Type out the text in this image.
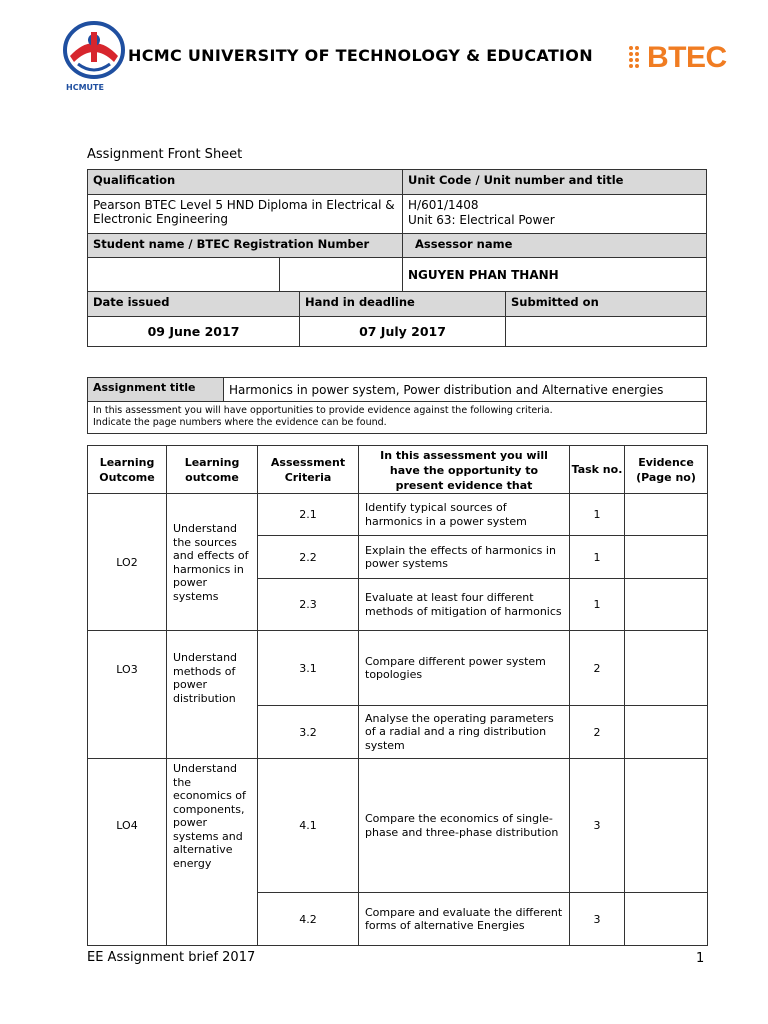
HCMUTE
HCMC UNIVERSITY OF TECHNOLOGY & EDUCATION BTEC
Assignment Front Sheet
Qualification			Unit Code / Unit number and title	
Pearson BTEC Level 5 HND Diploma in Electrical & Electronic Engineering			H/601/1408
Unit 63: Electrical Power	

Student name / BTEC Registration Number			Assessor name	
			NGUYEN PHAN THANH	
Date issued		Hand in deadline		Submitted on
09 June 2017		07 July 2017		
Assignment title	Harmonics in power system, Power distribution and Alternative energies

In this assessment you will have opportunities to provide evidence against the following criteria.
Indicate the page numbers where the evidence can be found.
Learning Outcome	Learning outcome	Assessment Criteria	In this assessment you will have the opportunity to present evidence that	Task no.	Evidence (Page no)
LO2	Understand the sources and effects of harmonics in power systems	2.1	Identify typical sources of harmonics in a power system	1	
		2.2	Explain the effects of harmonics in power systems	1	
		2.3	Evaluate at least four different methods of mitigation of harmonics	1	
LO3	Understand methods of power distribution	3.1	Compare different power system topologies	2	
		3.2	Analyse the operating parameters of a radial and a ring distribution system	2	
LO4	Understand the economics of components, power systems and alternative energy	4.1	Compare the economics of single-phase and three-phase distribution	3	
		4.2	Compare and evaluate the different forms of alternative Energies	3	
EE Assignment brief 2017	1
